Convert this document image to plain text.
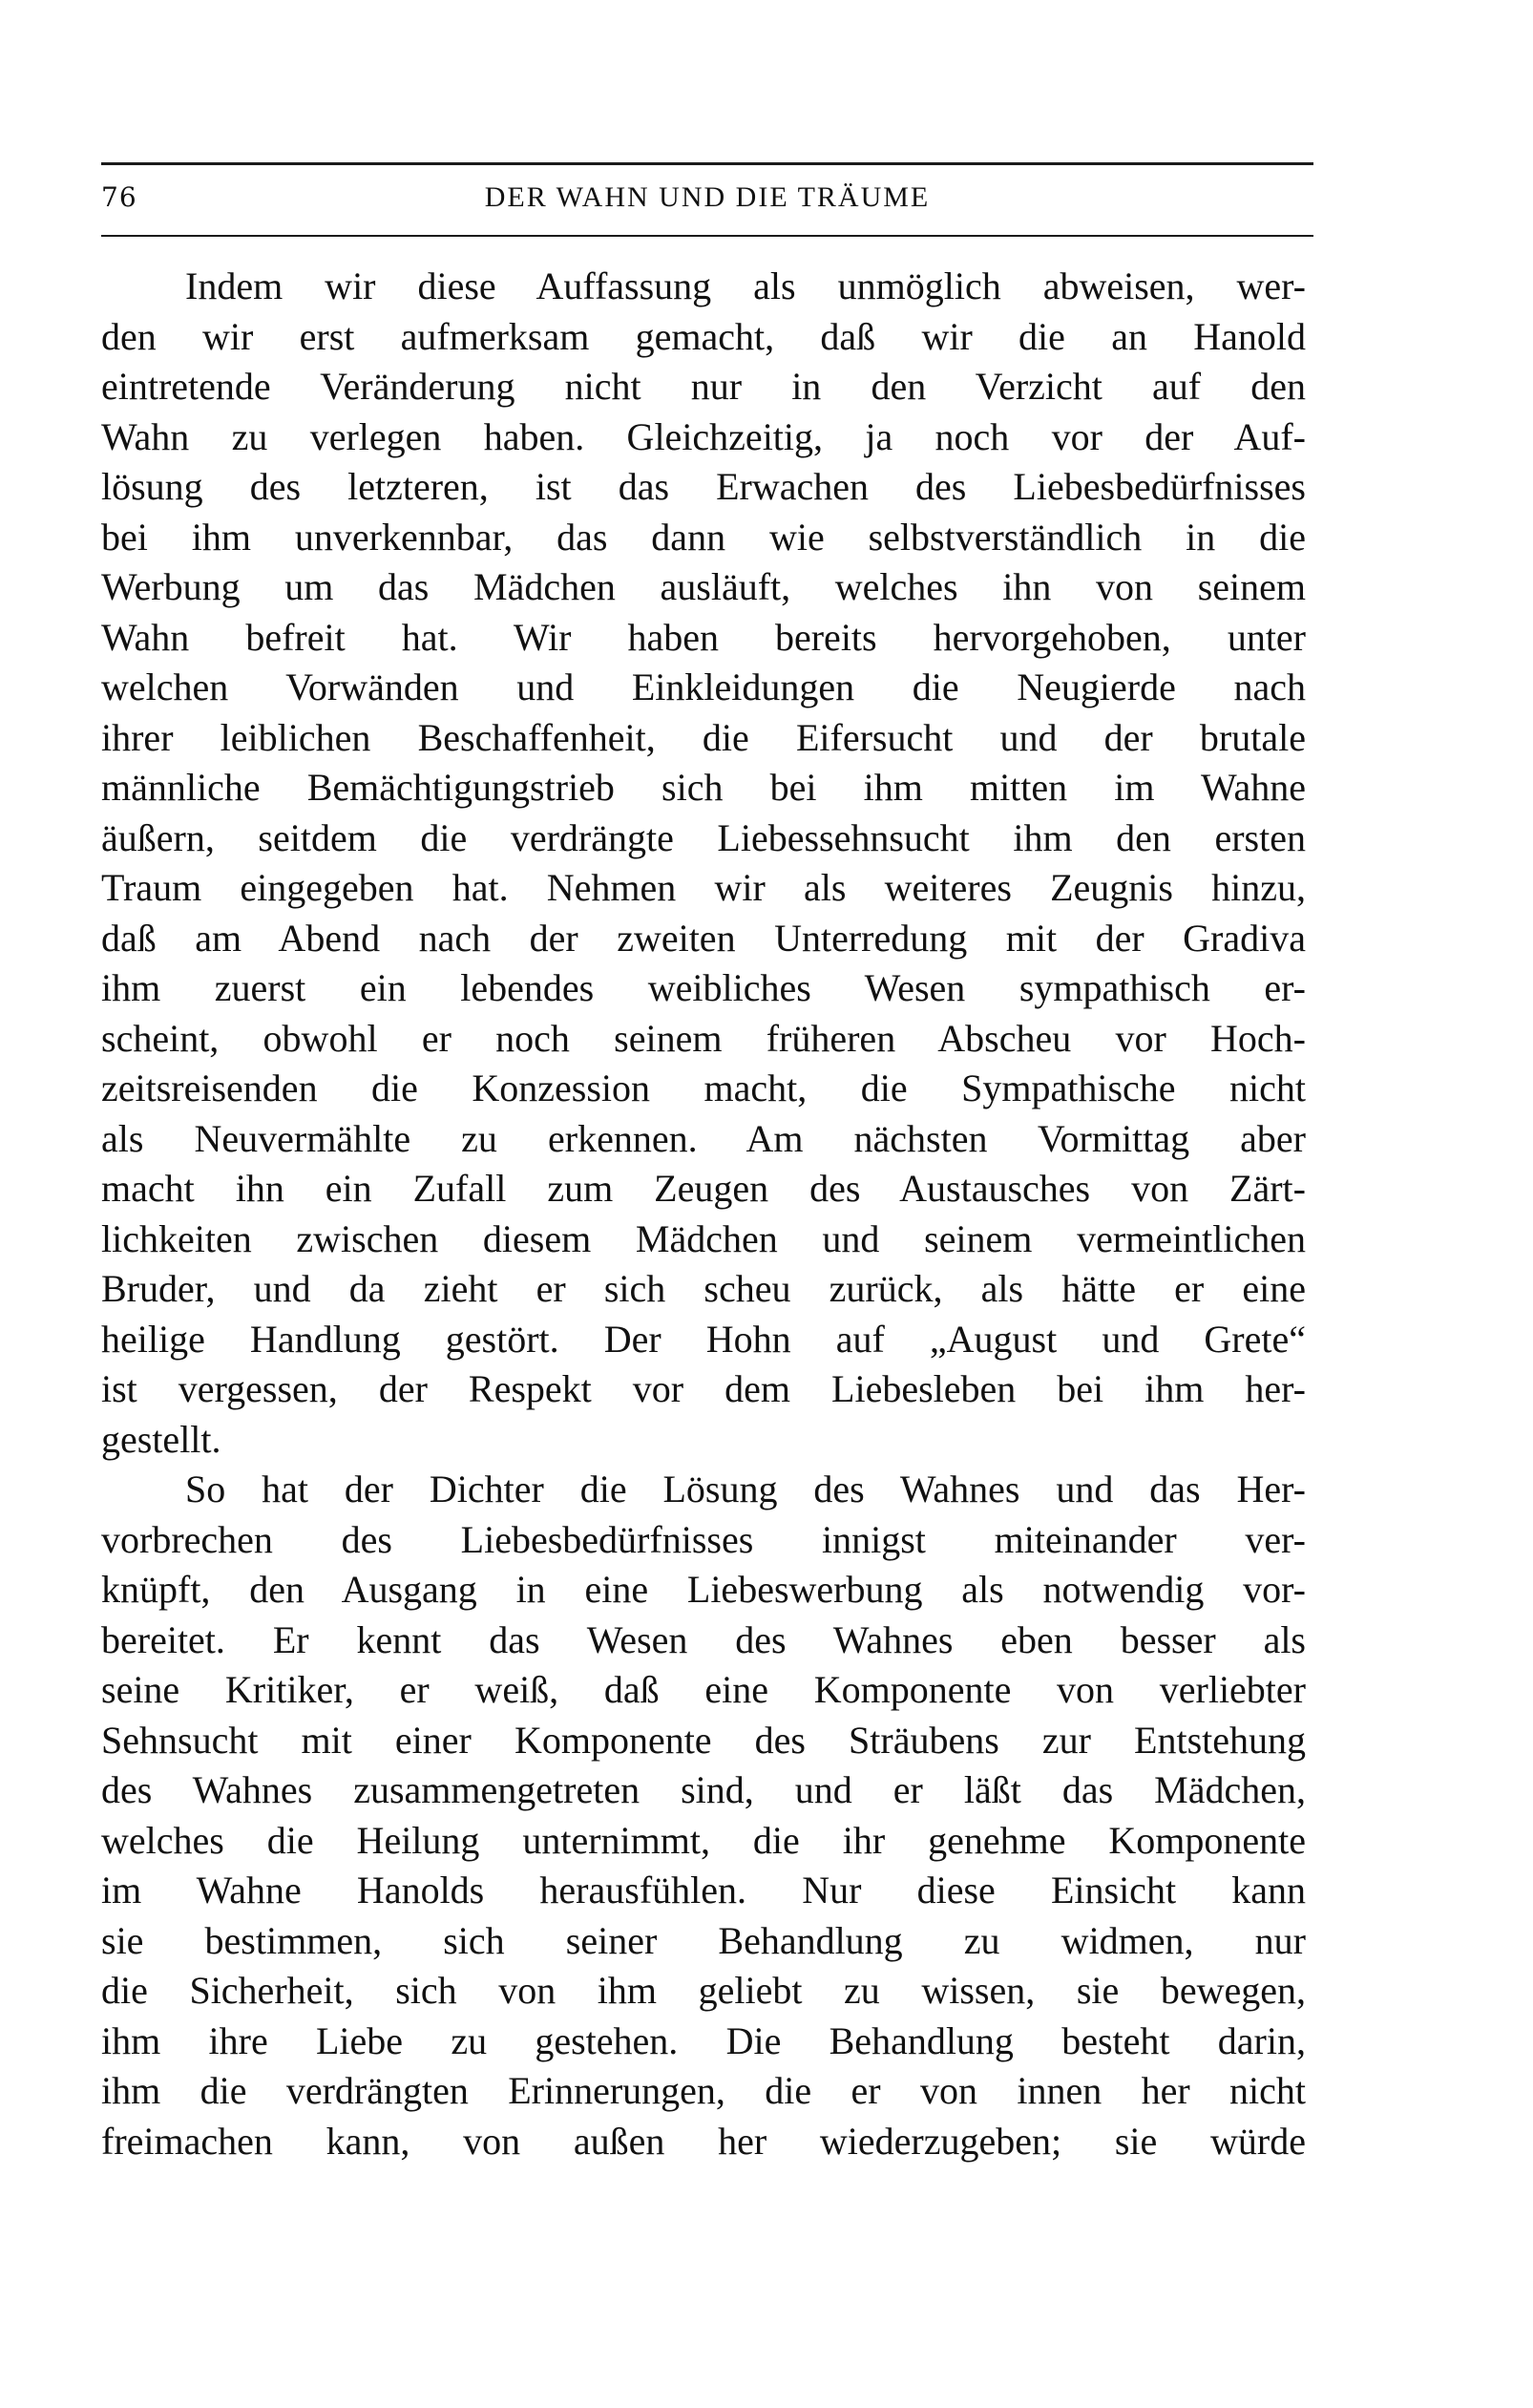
76	DER WAHN UND DIE TRÄUME
Indem wir diese Auffassung als unmöglich abweisen, wer-
den wir erst aufmerksam gemacht, daß wir die an Hanold
eintretende Veränderung nicht nur in den Verzicht auf den
Wahn zu verlegen haben. Gleichzeitig, ja noch vor der Auf-
lösung des letzteren, ist das Erwachen des Liebesbedürfnisses
bei ihm unverkennbar, das dann wie selbstverständlich in die
Werbung um das Mädchen ausläuft, welches ihn von seinem
Wahn befreit hat. Wir haben bereits hervorgehoben, unter
welchen Vorwänden und Einkleidungen die Neugierde nach
ihrer leiblichen Beschaffenheit, die Eifersucht und der brutale
männliche Bemächtigungstrieb sich bei ihm mitten im Wahne
äußern, seitdem die verdrängte Liebessehnsucht ihm den ersten
Traum eingegeben hat. Nehmen wir als weiteres Zeugnis hinzu,
daß am Abend nach der zweiten Unterredung mit der Gradiva
ihm zuerst ein lebendes weibliches Wesen sympathisch er-
scheint, obwohl er noch seinem früheren Abscheu vor Hoch-
zeitsreisenden die Konzession macht, die Sympathische nicht
als Neuvermählte zu erkennen. Am nächsten Vormittag aber
macht ihn ein Zufall zum Zeugen des Austausches von Zärt-
lichkeiten zwischen diesem Mädchen und seinem vermeintlichen
Bruder, und da zieht er sich scheu zurück, als hätte er eine
heilige Handlung gestört. Der Hohn auf „August und Grete“
ist vergessen, der Respekt vor dem Liebesleben bei ihm her-
gestellt.
So hat der Dichter die Lösung des Wahnes und das Her-
vorbrechen des Liebesbedürfnisses innigst miteinander ver-
knüpft, den Ausgang in eine Liebeswerbung als notwendig vor-
bereitet. Er kennt das Wesen des Wahnes eben besser als
seine Kritiker, er weiß, daß eine Komponente von verliebter
Sehnsucht mit einer Komponente des Sträubens zur Entstehung
des Wahnes zusammengetreten sind, und er läßt das Mädchen,
welches die Heilung unternimmt, die ihr genehme Komponente
im Wahne Hanolds herausfühlen. Nur diese Einsicht kann
sie bestimmen, sich seiner Behandlung zu widmen, nur
die Sicherheit, sich von ihm geliebt zu wissen, sie bewegen,
ihm ihre Liebe zu gestehen. Die Behandlung besteht darin,
ihm die verdrängten Erinnerungen, die er von innen her nicht
freimachen kann, von außen her wiederzugeben; sie würde
